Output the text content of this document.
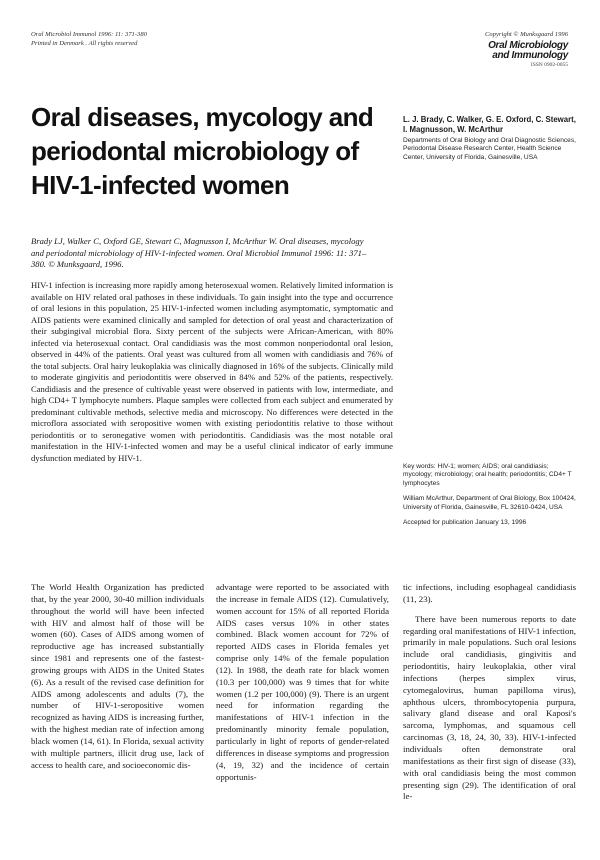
Oral Microbiol Immunol 1996: 11: 371-380
Printed in Denmark . All rights reserved
Copyright © Munksgaard 1996
Oral Microbiology
and Immunology
ISSN 0902-0055
Oral diseases, mycology and periodontal microbiology of HIV-1-infected women
L. J. Brady, C. Walker, G. E. Oxford, C. Stewart, I. Magnusson, W. McArthur
Departments of Oral Biology and Oral Diagnostic Sciences, Periodontal Disease Research Center, Health Science Center, University of Florida, Gainesville, USA

Brady LJ, Walker C, Oxford GE, Stewart C, Magnusson I, McArthur W. Oral diseases, mycology and periodontal microbiology of HIV-1-infected women. Oral Microbiol Immunol 1996: 11: 371–380. © Munksgaard, 1996.

HIV-1 infection is increasing more rapidly among heterosexual women. Relatively limited information is available on HIV related oral pathoses in these individuals. To gain insight into the type and occurrence of oral lesions in this population, 25 HIV-1-infected women including asymptomatic, symptomatic and AIDS patients were examined clinically and sampled for detection of oral yeast and characterization of their subgingival microbial flora. Sixty percent of the subjects were African-American, with 80% infected via heterosexual contact. Oral candidiasis was the most common nonperiodontal oral lesion, observed in 44% of the patients. Oral yeast was cultured from all women with candidiasis and 76% of the total subjects. Oral hairy leukoplakia was clinically diagnosed in 16% of the subjects. Clinically mild to moderate gingivitis and periodontitis were observed in 84% and 52% of the patients, respectively. Candidiasis and the presence of cultivable yeast were observed in patients with low, intermediate, and high CD4+ T lymphocyte numbers. Plaque samples were collected from each subject and enumerated by predominant cultivable methods, selective media and microscopy. No differences were detected in the microflora associated with seropositive women with existing periodontitis relative to those without periodontitis or to seronegative women with periodontitis. Candidiasis was the most notable oral manifestation in the HIV-1-infected women and may be a useful clinical indicator of early immune dysfunction mediated by HIV-1.

Key words: HIV-1; women; AIDS; oral candidiasis; mycology; microbiology; oral health; periodontitis; CD4+ T lymphocytes

William McArthur, Department of Oral Biology, Box 100424, University of Florida, Gainesville, FL 32610-0424, USA

Accepted for publication January 13, 1996

The World Health Organization has predicted that, by the year 2000, 30-40 million individuals throughout the world will have been infected with HIV and almost half of those will be women (60). Cases of AIDS among women of reproductive age has increased substantially since 1981 and represents one of the fastest-growing groups with AIDS in the United States (6). As a result of the revised case definition for AIDS among adolescents and adults (7), the number of HIV-1-seropositive women recognized as having AIDS is increasing further, with the highest median rate of infection among black women (14, 61). In Florida, sexual activity with multiple partners, illicit drug use, lack of access to health care, and socioeconomic dis-

advantage were reported to be associated with the increase in female AIDS (12). Cumulatively, women account for 15% of all reported Florida AIDS cases versus 10% in other states combined. Black women account for 72% of reported AIDS cases in Florida females yet comprise only 14% of the female population (12). In 1988, the death rate for black women (10.3 per 100,000) was 9 times that for white women (1.2 per 100,000) (9). There is an urgent need for information regarding the manifestations of HIV-1 infection in the predominantly minority female population, particularly in light of reports of gender-related differences in disease symptoms and progression (4, 19, 32) and the incidence of certain opportunis-

tic infections, including esophageal candidiasis (11, 23).

There have been numerous reports to date regarding oral manifestations of HIV-1 infection, primarily in male populations. Such oral lesions include oral candidiasis, gingivitis and periodontitis, hairy leukoplakia, other viral infections (herpes simplex virus, cytomegalovirus, human papilloma virus), aphthous ulcers, thrombocytopenia purpura, salivary gland disease and oral Kaposi's sarcoma, lymphomas, and squamous cell carcinomas (3, 18, 24, 30, 33). HIV-1-infected individuals often demonstrate oral manifestations as their first sign of disease (33), with oral candidiasis being the most common presenting sign (29). The identification of oral le-
